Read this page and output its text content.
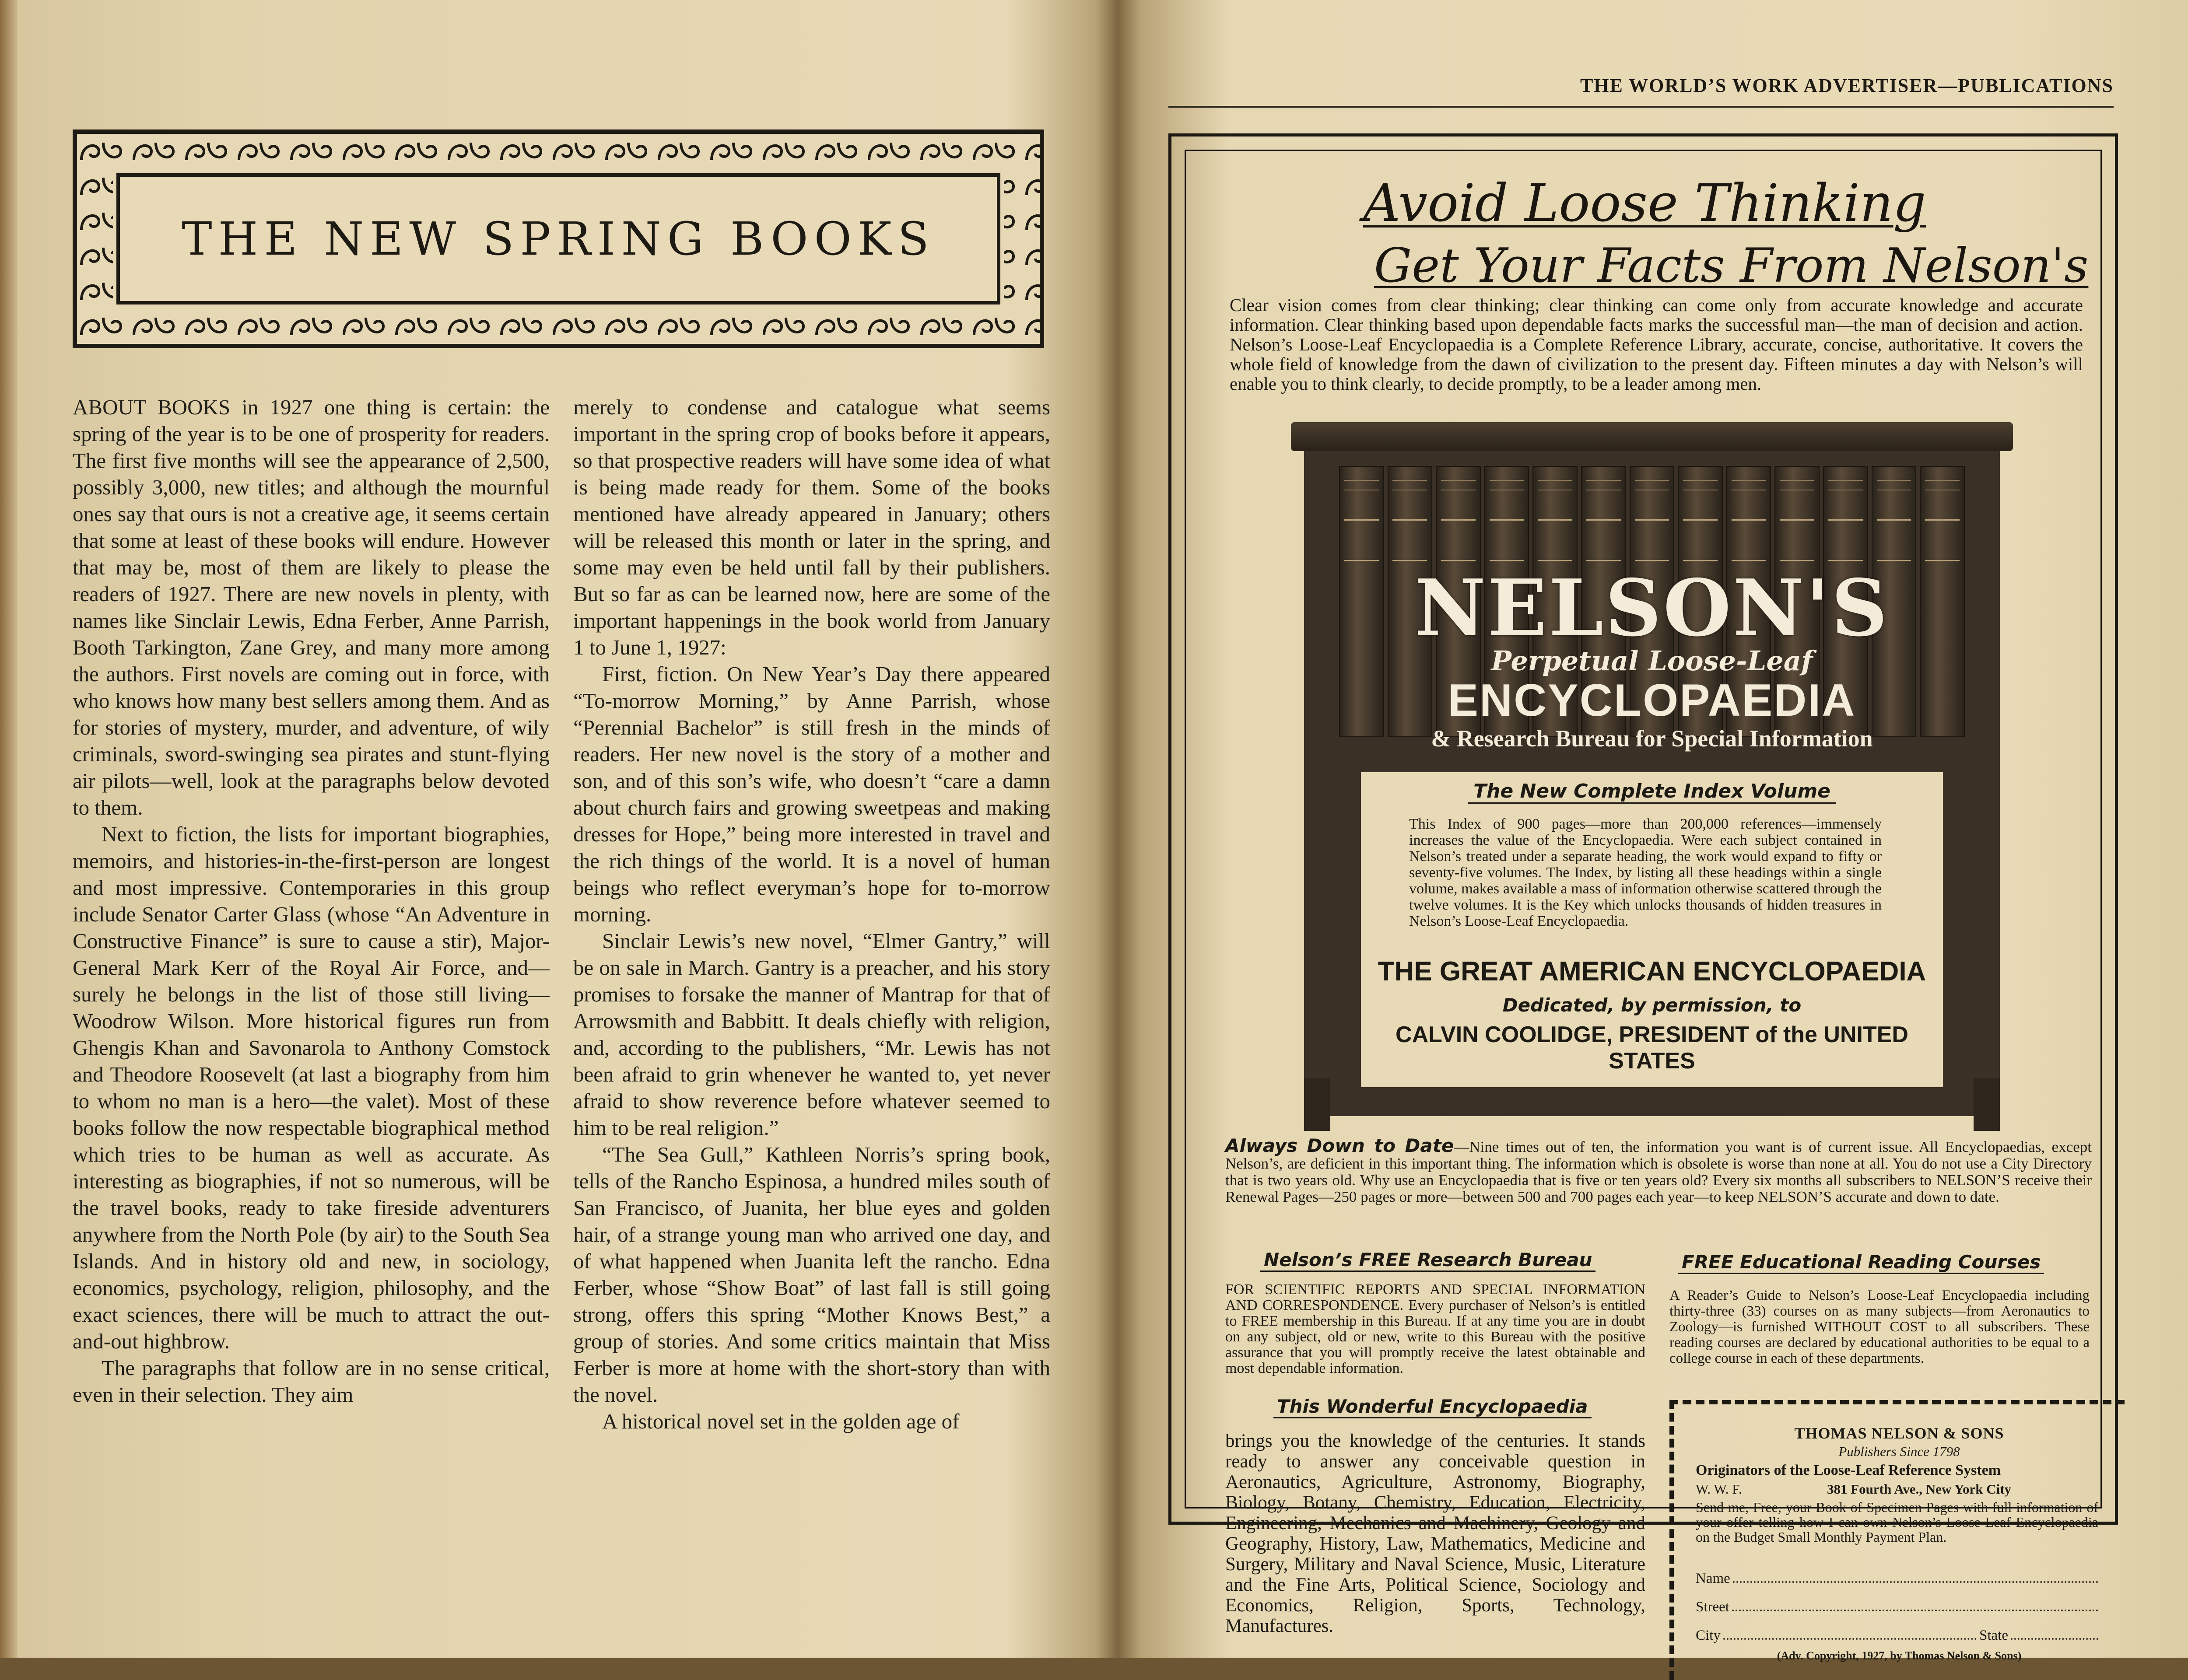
THE NEW SPRING BOOKS

ABOUT BOOKS in 1927 one thing is certain: the spring of the year is to be one of prosperity for readers. The first five months will see the appearance of 2,500, possibly 3,000, new titles; and although the mournful ones say that ours is not a creative age, it seems certain that some at least of these books will endure. However that may be, most of them are likely to please the readers of 1927. There are new novels in plenty, with names like Sinclair Lewis, Edna Ferber, Anne Parrish, Booth Tarkington, Zane Grey, and many more among the authors. First novels are coming out in force, with who knows how many best sellers among them. And as for stories of mystery, murder, and adventure, of wily criminals, sword-swinging sea pirates and stunt-flying air pilots—well, look at the paragraphs below devoted to them.

Next to fiction, the lists for important biographies, memoirs, and histories-in-the-first-person are longest and most impressive. Contemporaries in this group include Senator Carter Glass (whose “An Adventure in Constructive Finance” is sure to cause a stir), Major-General Mark Kerr of the Royal Air Force, and—surely he belongs in the list of those still living—Woodrow Wilson. More historical figures run from Ghengis Khan and Savonarola to Anthony Comstock and Theodore Roosevelt (at last a biography from him to whom no man is a hero—the valet). Most of these books follow the now respectable biographical method which tries to be human as well as accurate. As interesting as biographies, if not so numerous, will be the travel books, ready to take fireside adventurers anywhere from the North Pole (by air) to the South Sea Islands. And in history old and new, in sociology, economics, psychology, religion, philosophy, and the exact sciences, there will be much to attract the out-and-out highbrow.

The paragraphs that follow are in no sense critical, even in their selection. They aim

merely to condense and catalogue what seems important in the spring crop of books before it appears, so that prospective readers will have some idea of what is being made ready for them. Some of the books mentioned have already appeared in January; others will be released this month or later in the spring, and some may even be held until fall by their publishers. But so far as can be learned now, here are some of the important happenings in the book world from January 1 to June 1, 1927:

First, fiction. On New Year’s Day there appeared “To-morrow Morning,” by Anne Parrish, whose “Perennial Bachelor” is still fresh in the minds of readers. Her new novel is the story of a mother and son, and of this son’s wife, who doesn’t “care a damn about church fairs and growing sweetpeas and making dresses for Hope,” being more interested in travel and the rich things of the world. It is a novel of human beings who reflect everyman’s hope for to-morrow morning.

Sinclair Lewis’s new novel, “Elmer Gantry,” will be on sale in March. Gantry is a preacher, and his story promises to forsake the manner of Mantrap for that of Arrowsmith and Babbitt. It deals chiefly with religion, and, according to the publishers, “Mr. Lewis has not been afraid to grin whenever he wanted to, yet never afraid to show reverence before whatever seemed to him to be real religion.”

“The Sea Gull,” Kathleen Norris’s spring book, tells of the Rancho Espinosa, a hundred miles south of San Francisco, of Juanita, her blue eyes and golden hair, of a strange young man who arrived one day, and of what happened when Juanita left the rancho. Edna Ferber, whose “Show Boat” of last fall is still going strong, offers this spring “Mother Knows Best,” a group of stories. And some critics maintain that Miss Ferber is more at home with the short-story than with the novel.

A historical novel set in the golden age of

THE WORLD’S WORK ADVERTISER—PUBLICATIONS
Avoid Loose Thinking
Get Your Facts From Nelson's
Clear vision comes from clear thinking; clear thinking can come only from accurate knowledge and accurate information. Clear thinking based upon dependable facts marks the successful man—the man of decision and action. Nelson’s Loose-Leaf Encyclopaedia is a Complete Reference Library, accurate, concise, authoritative. It covers the whole field of knowledge from the dawn of civilization to the present day. Fifteen minutes a day with Nelson’s will enable you to think clearly, to decide promptly, to be a leader among men.
NELSON'S
Perpetual Loose-Leaf
ENCYCLOPAEDIA
& Research Bureau for Special Information
The New Complete Index Volume
This Index of 900 pages—more than 200,000 references—immensely increases the value of the Encyclopaedia. Were each subject contained in Nelson’s treated under a separate heading, the work would expand to fifty or seventy-five volumes. The Index, by listing all these headings within a single volume, makes available a mass of information otherwise scattered through the twelve volumes. It is the Key which unlocks thousands of hidden treasures in Nelson’s Loose-Leaf Encyclopaedia.
THE GREAT AMERICAN ENCYCLOPAEDIA
Dedicated, by permission, to
CALVIN COOLIDGE, PRESIDENT of the UNITED STATES
Always Down to Date—Nine times out of ten, the information you want is of current issue. All Encyclopaedias, except Nelson’s, are deficient in this important thing. The information which is obsolete is worse than none at all. You do not use a City Directory that is two years old. Why use an Encyclopaedia that is five or ten years old? Every six months all subscribers to NELSON’S receive their Renewal Pages—250 pages or more—between 500 and 700 pages each year—to keep NELSON’S accurate and down to date.
Nelson’s FREE Research Bureau	FREE Educational Reading Courses
FOR SCIENTIFIC REPORTS AND SPECIAL INFORMATION AND CORRESPONDENCE. Every purchaser of Nelson’s is entitled to FREE membership in this Bureau. If at any time you are in doubt on any subject, old or new, write to this Bureau with the positive assurance that you will promptly receive the latest obtainable and most dependable information.
A Reader’s Guide to Nelson’s Loose-Leaf Encyclopaedia including thirty-three (33) courses on as many subjects—from Aeronautics to Zoology—is furnished WITHOUT COST to all subscribers. These reading courses are declared by educational authorities to be equal to a college course in each of these departments.
This Wonderful Encyclopaedia
brings you the knowledge of the centuries. It stands ready to answer any conceivable question in Aeronautics, Agriculture, Astronomy, Biography, Biology, Botany, Chemistry, Education, Electricity, Engineering, Mechanics and Machinery, Geology and Geography, History, Law, Mathematics, Medicine and Surgery, Military and Naval Science, Music, Literature and the Fine Arts, Political Science, Sociology and Economics, Religion, Sports, Technology, Manufactures.
THOMAS NELSON & SONS
Publishers Since 1798
Originators of the Loose-Leaf Reference System
W. W. F.	381 Fourth Ave., New York City
Send me, Free, your Book of Specimen Pages with full information of your offer telling how I can own Nelson’s Loose-Leaf Encyclopaedia on the Budget Small Monthly Payment Plan.
Name
Street
City	State
(Adv. Copyright, 1927, by Thomas Nelson & Sons)
